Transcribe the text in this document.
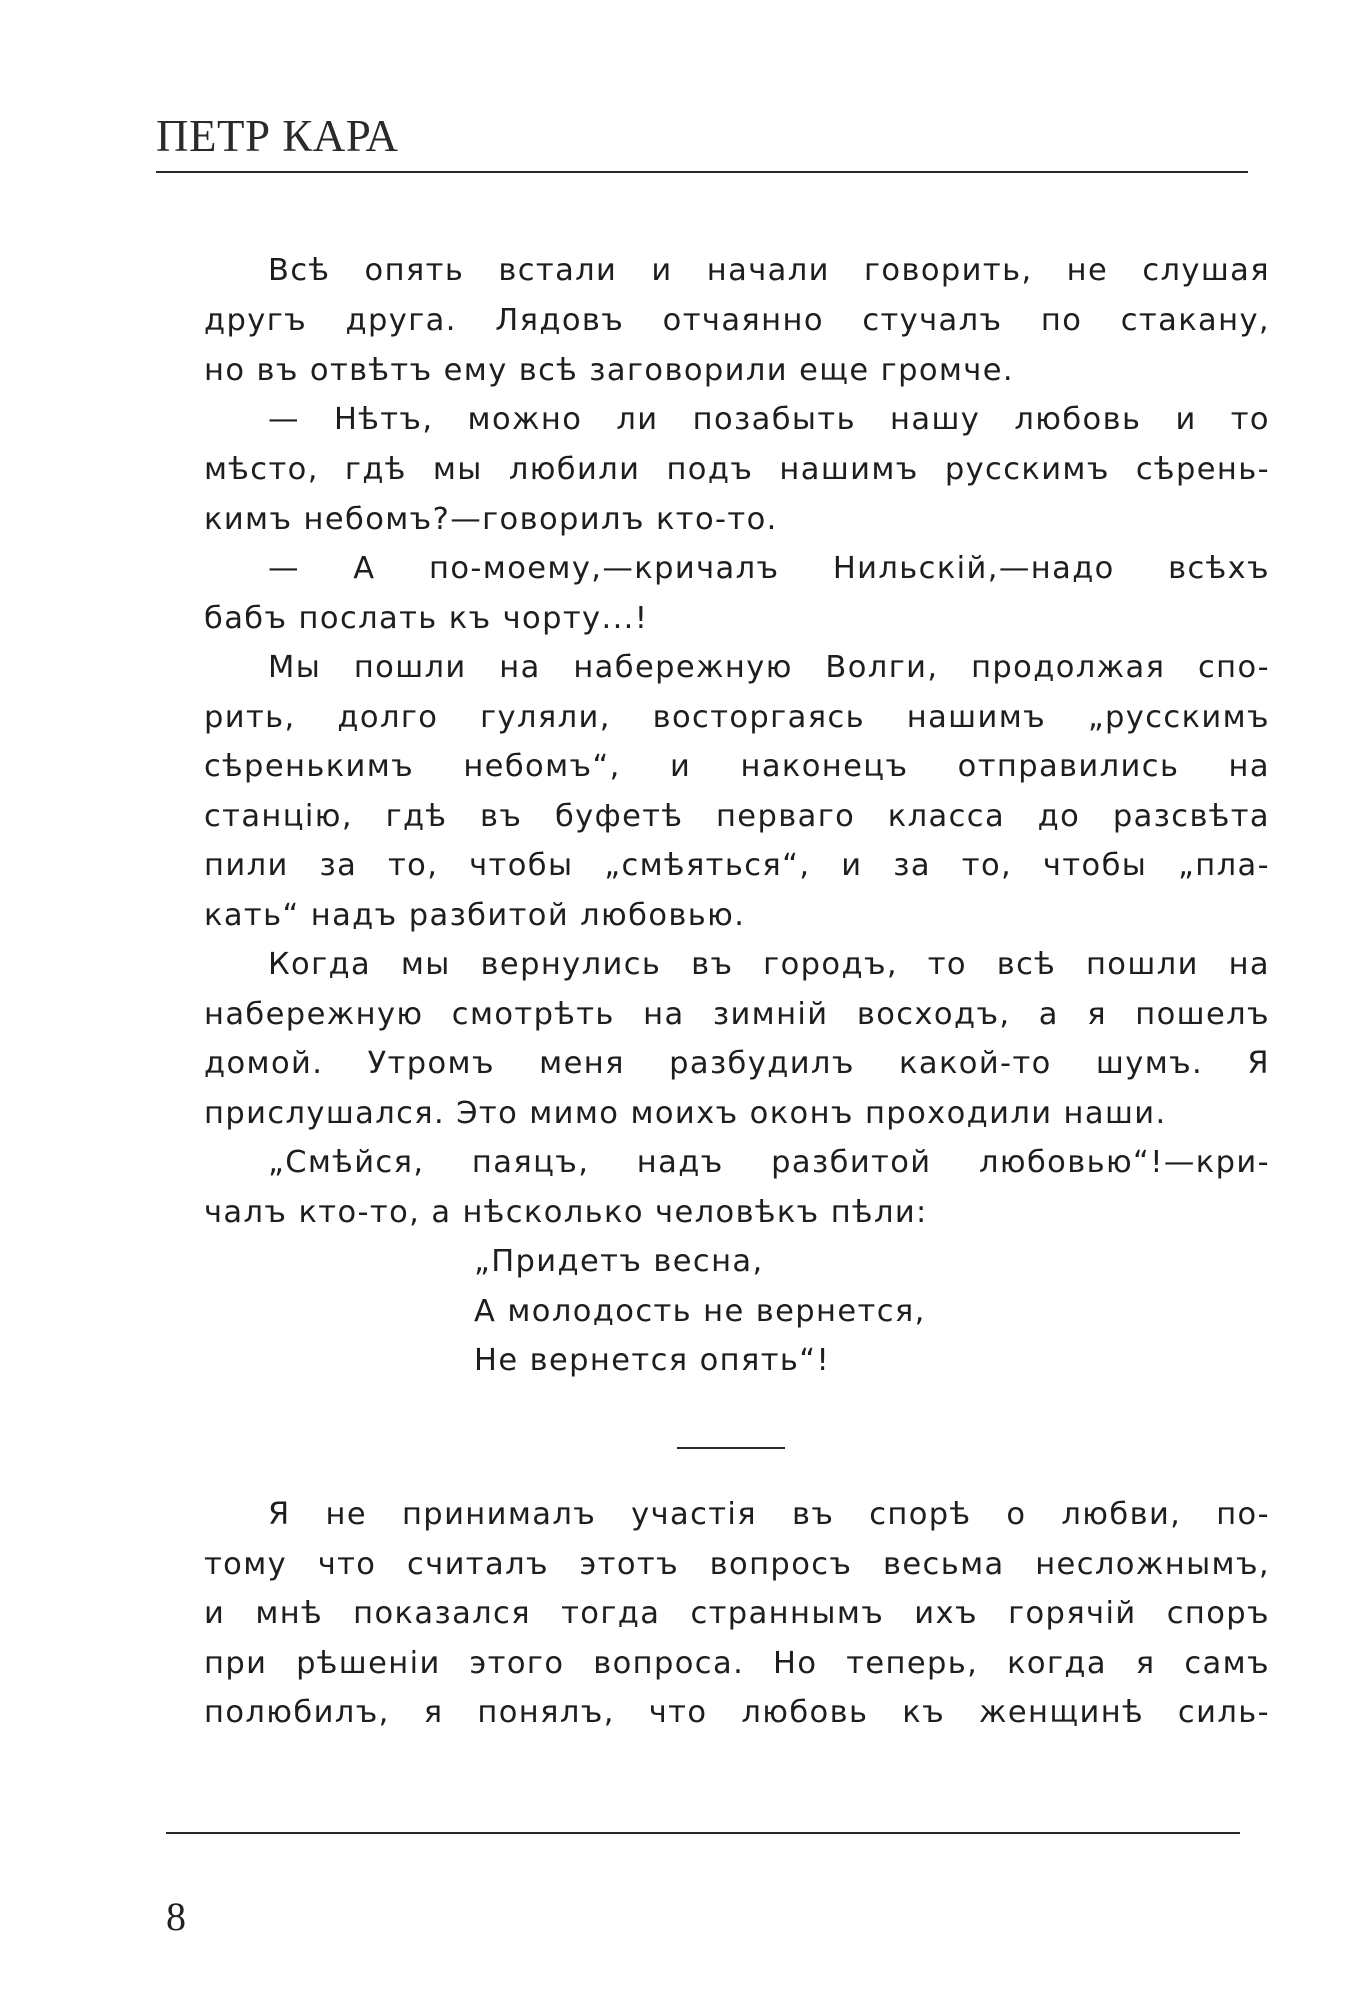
ПЕТР КАРА
Всѣ опять встали и начали говорить, не слушая
другъ друга. Лядовъ отчаянно стучалъ по стакану,
но въ отвѣтъ ему всѣ заговорили еще громче.
— Нѣтъ, можно ли позабыть нашу любовь и то
мѣсто, гдѣ мы любили подъ нашимъ русскимъ сѣрень-
кимъ небомъ?—говорилъ кто-то.
— А по-моему,—кричалъ Нильскій,—надо всѣхъ
бабъ послать къ чорту...!
Мы пошли на набережную Волги, продолжая спо-
рить, долго гуляли, восторгаясь нашимъ „русскимъ
сѣренькимъ небомъ“, и наконецъ отправились на
станцію, гдѣ въ буфетѣ перваго класса до разсвѣта
пили за то, чтобы „смѣяться“, и за то, чтобы „пла-
кать“ надъ разбитой любовью.
Когда мы вернулись въ городъ, то всѣ пошли на
набережную смотрѣть на зимній восходъ, а я пошелъ
домой. Утромъ меня разбудилъ какой-то шумъ. Я
прислушался. Это мимо моихъ оконъ проходили наши.
„Смѣйся, паяцъ, надъ разбитой любовью“!—кри-
чалъ кто-то, а нѣсколько человѣкъ пѣли:
„Придетъ весна,
А молодость не вернется,
Не вернется опять“!
Я не принималъ участія въ спорѣ о любви, по-
тому что считалъ этотъ вопросъ весьма несложнымъ,
и мнѣ показался тогда страннымъ ихъ горячій споръ
при рѣшеніи этого вопроса. Но теперь, когда я самъ
полюбилъ, я понялъ, что любовь къ женщинѣ силь-
8
